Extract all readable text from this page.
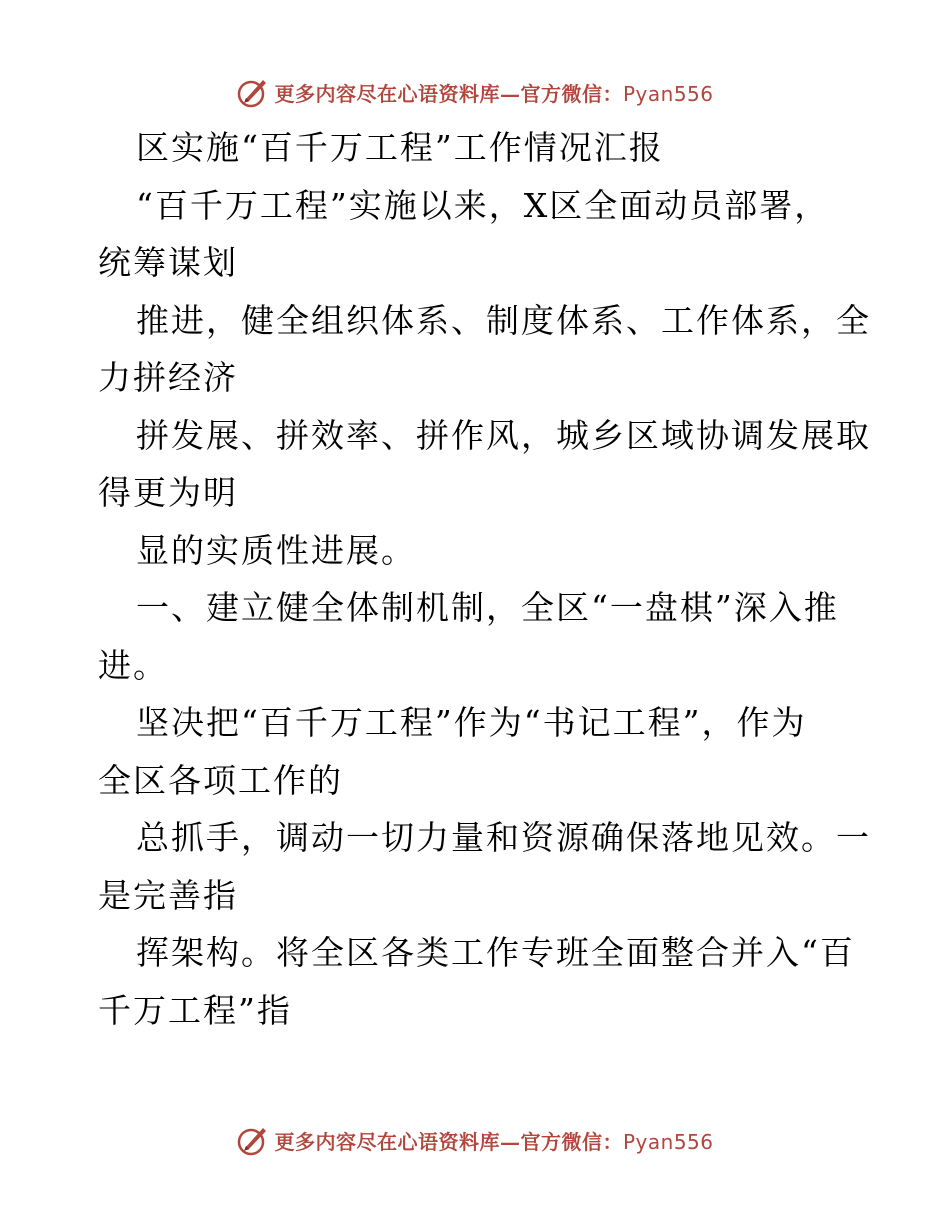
更多内容尽在心语资料库—官方微信：Pyan556
区实施“百千万工程”工作情况汇报
“百千万工程”实施以来，X区全面动员部署，
统筹谋划
推进，健全组织体系、制度体系、工作体系，全
力拼经济
拼发展、拼效率、拼作风，城乡区域协调发展取
得更为明
显的实质性进展。
一、建立健全体制机制，全区“一盘棋”深入推
进。
坚决把“百千万工程”作为“书记工程”，作为
全区各项工作的
总抓手，调动一切力量和资源确保落地见效。一
是完善指
挥架构。将全区各类工作专班全面整合并入“百
千万工程”指
更多内容尽在心语资料库—官方微信：Pyan556
